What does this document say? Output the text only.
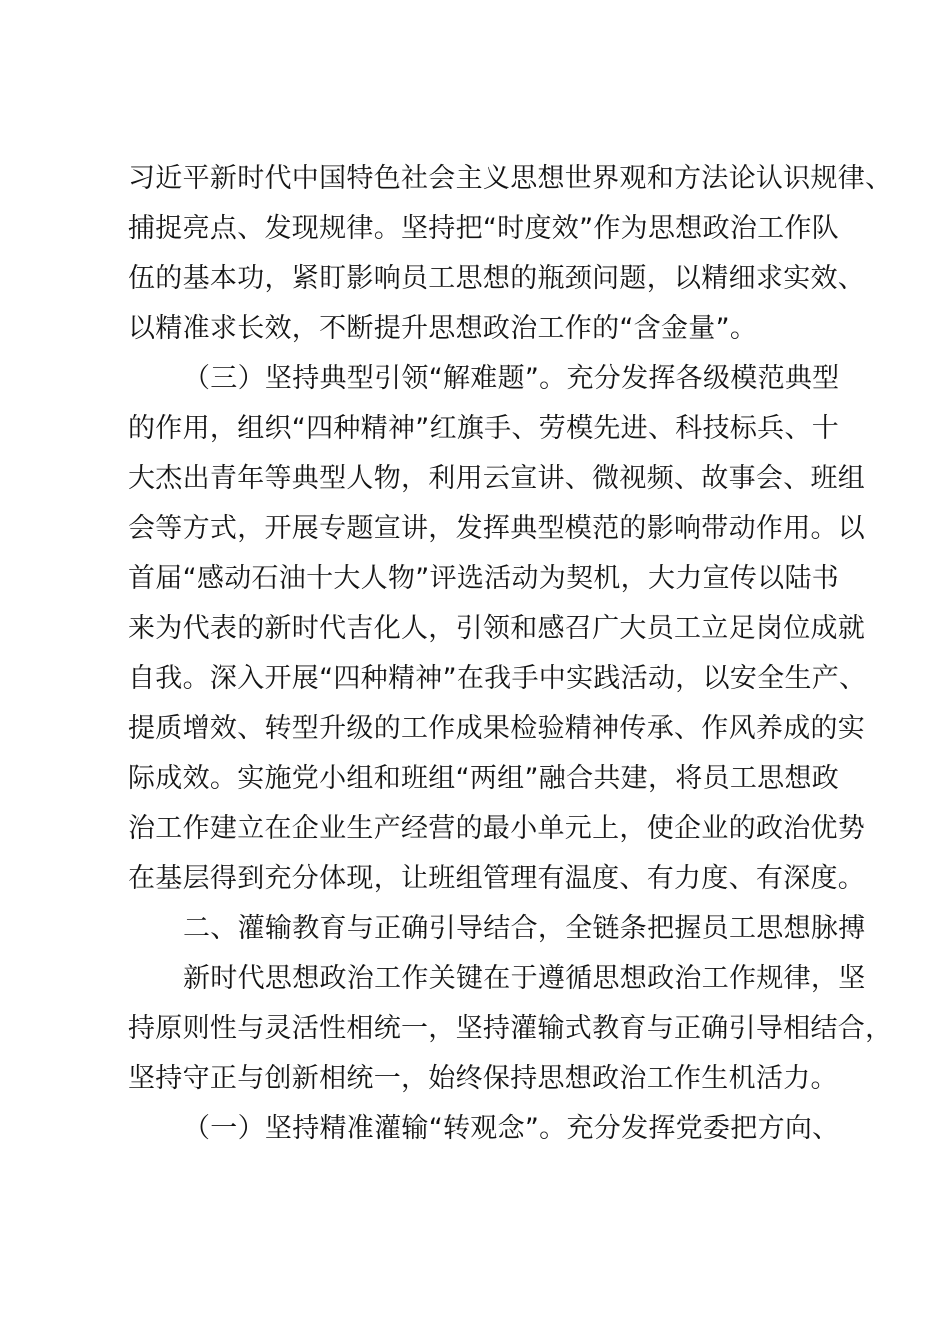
习近平新时代中国特色社会主义思想世界观和方法论认识规律、
捕捉亮点、发现规律。坚持把“时度效”作为思想政治工作队
伍的基本功，紧盯影响员工思想的瓶颈问题，以精细求实效、
以精准求长效，不断提升思想政治工作的“含金量”。
（三）坚持典型引领“解难题”。充分发挥各级模范典型
的作用，组织“四种精神”红旗手、劳模先进、科技标兵、十
大杰出青年等典型人物，利用云宣讲、微视频、故事会、班组
会等方式，开展专题宣讲，发挥典型模范的影响带动作用。以
首届“感动石油十大人物”评选活动为契机，大力宣传以陆书
来为代表的新时代吉化人，引领和感召广大员工立足岗位成就
自我。深入开展“四种精神”在我手中实践活动，以安全生产、
提质增效、转型升级的工作成果检验精神传承、作风养成的实
际成效。实施党小组和班组“两组”融合共建，将员工思想政
治工作建立在企业生产经营的最小单元上，使企业的政治优势
在基层得到充分体现，让班组管理有温度、有力度、有深度。
二、灌输教育与正确引导结合，全链条把握员工思想脉搏
新时代思想政治工作关键在于遵循思想政治工作规律，坚
持原则性与灵活性相统一，坚持灌输式教育与正确引导相结合，
坚持守正与创新相统一，始终保持思想政治工作生机活力。
（一）坚持精准灌输“转观念”。充分发挥党委把方向、
